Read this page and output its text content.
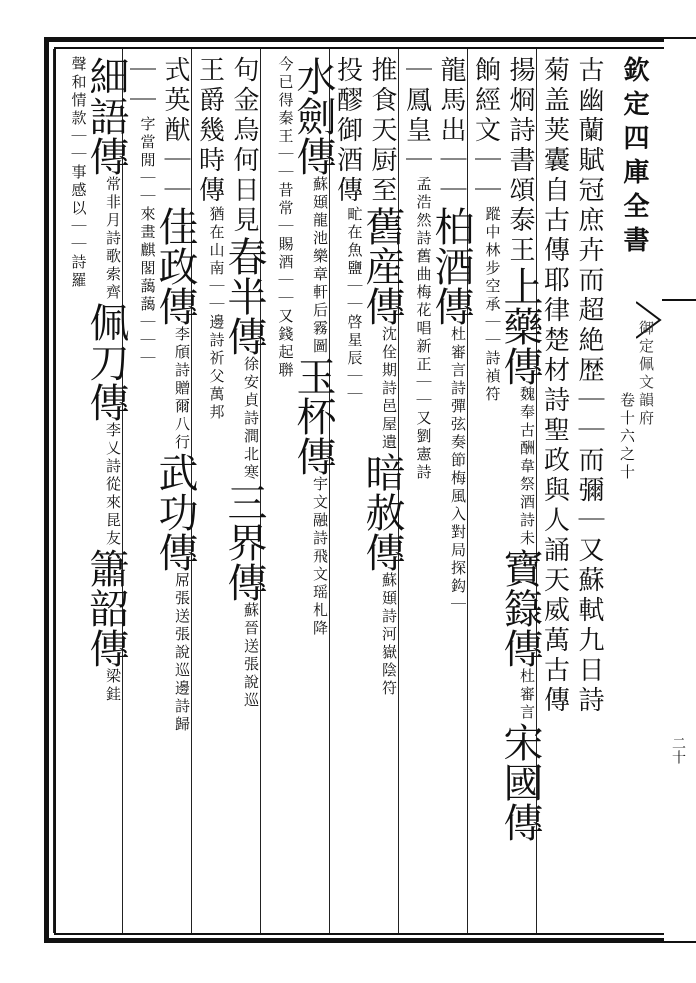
欽定四庫全書
御定佩文韻府
卷十六之十
二十
古幽蘭賦冠庶卉而超絶歴｜｜而彌｜又蘇軾九日詩
菊盖荚囊自古傳耶律楚材詩聖政與人誦天威萬古傳
揚烱詩書頌泰王上藥傳魏奉古酬韋祭酒詩未寶籙傳杜審言宋國傳
餉經文｜｜蹤中林步空承｜｜詩禎符
龍馬出｜｜柏酒傳杜審言詩彈弦奏節梅風入對局探鈎｜
｜鳳皇｜孟浩然詩舊曲梅花唱新正｜｜又劉憲詩
推食天厨至舊産傳沈佺期詩邑屋遺暗赦傳蘇頲詩河嶽陰符
投醪御酒傳甿在魚鹽｜｜啓星辰｜｜
水劍傳蘇頲龍池樂章軒后霧圖玉杯傳宇文融詩飛文瑶札降
今已得秦王｜｜昔常｜賜酒｜｜又錢起聨
句金烏何日見春半傳徐安貞詩澗北寒三界傳蘇晉送張說巡
王爵幾時傳猶在山南｜｜邊詩祈父萬邦
式英猷｜｜佳政傳李頎詩贈爾八行武功傳屌張送張說巡邊詩歸
｜｜字當閒｜｜來畫麒閣藹藹｜｜｜
細語傳常非月詩歌索齊佩刀傳李乂詩從來昆友簫韶傳梁銈
聲和情款｜｜事感以｜｜詩羅
